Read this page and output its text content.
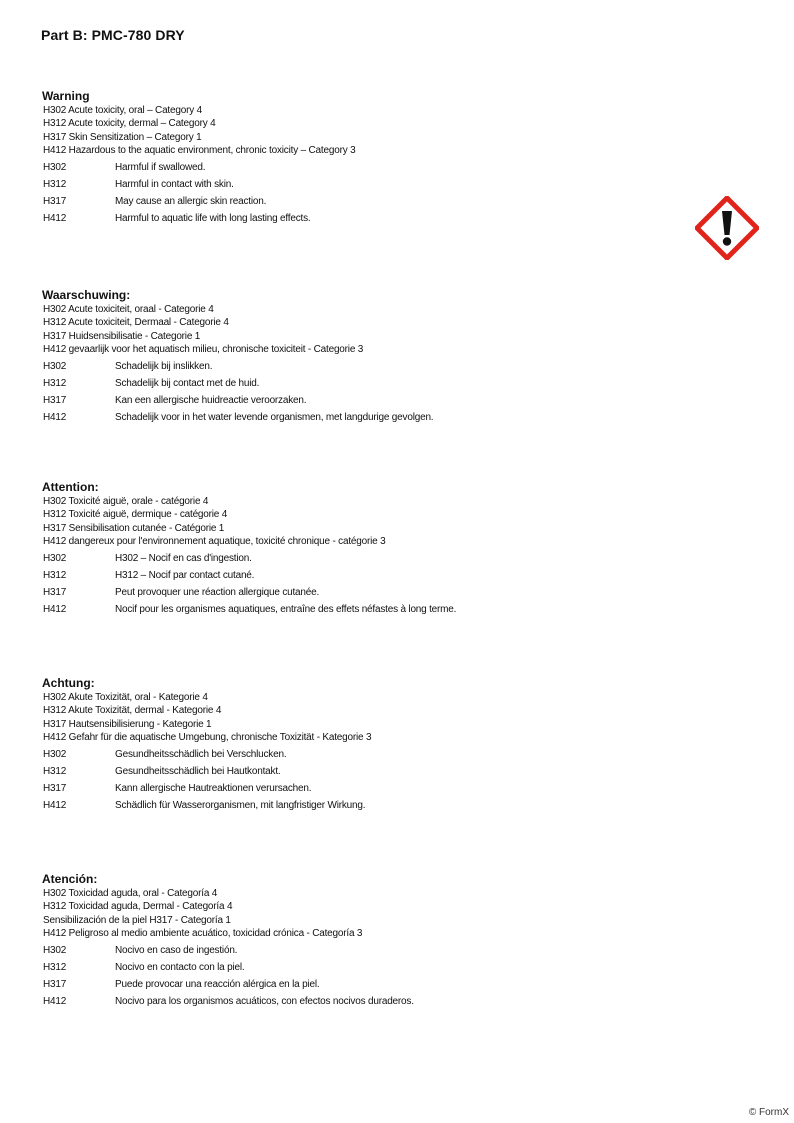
Part B: PMC-780 DRY
Warning
H302 Acute toxicity, oral – Category 4
H312 Acute toxicity, dermal – Category 4
H317 Skin Sensitization – Category 1
H412 Hazardous to the aquatic environment, chronic toxicity – Category 3
H302	Harmful if swallowed.
H312	Harmful in contact with skin.
H317	May cause an allergic skin reaction.
H412	Harmful to aquatic life with long lasting effects.
Waarschuwing:
H302 Acute toxiciteit, oraal - Categorie 4
H312 Acute toxiciteit, Dermaal - Categorie 4
H317 Huidsensibilisatie - Categorie 1
H412 gevaarlijk voor het aquatisch milieu, chronische toxiciteit - Categorie 3
H302	Schadelijk bij inslikken.
H312	Schadelijk bij contact met de huid.
H317	Kan een allergische huidreactie veroorzaken.
H412	Schadelijk voor in het water levende organismen, met langdurige gevolgen.
Attention:
H302 Toxicité aiguë, orale - catégorie 4
H312 Toxicité aiguë, dermique - catégorie 4
H317 Sensibilisation cutanée - Catégorie 1
H412 dangereux pour l'environnement aquatique, toxicité chronique - catégorie 3
H302	H302 – Nocif en cas d'ingestion.
H312	H312 – Nocif par contact cutané.
H317	Peut provoquer une réaction allergique cutanée.
H412	Nocif pour les organismes aquatiques, entraîne des effets néfastes à long terme.
Achtung:
H302 Akute Toxizität, oral - Kategorie 4
H312 Akute Toxizität, dermal - Kategorie 4
H317 Hautsensibilisierung - Kategorie 1
H412 Gefahr für die aquatische Umgebung, chronische Toxizität - Kategorie 3
H302	Gesundheitsschädlich bei Verschlucken.
H312	Gesundheitsschädlich bei Hautkontakt.
H317	Kann allergische Hautreaktionen verursachen.
H412	Schädlich für Wasserorganismen, mit langfristiger Wirkung.
Atención:
H302 Toxicidad aguda, oral - Categoría 4
H312 Toxicidad aguda, Dermal - Categoría 4
Sensibilización de la piel H317 - Categoría 1
H412 Peligroso al medio ambiente acuático, toxicidad crónica - Categoría 3
H302	Nocivo en caso de ingestión.
H312	Nocivo en contacto con la piel.
H317	Puede provocar una reacción alérgica en la piel.
H412	Nocivo para los organismos acuáticos, con efectos nocivos duraderos.
© FormX
